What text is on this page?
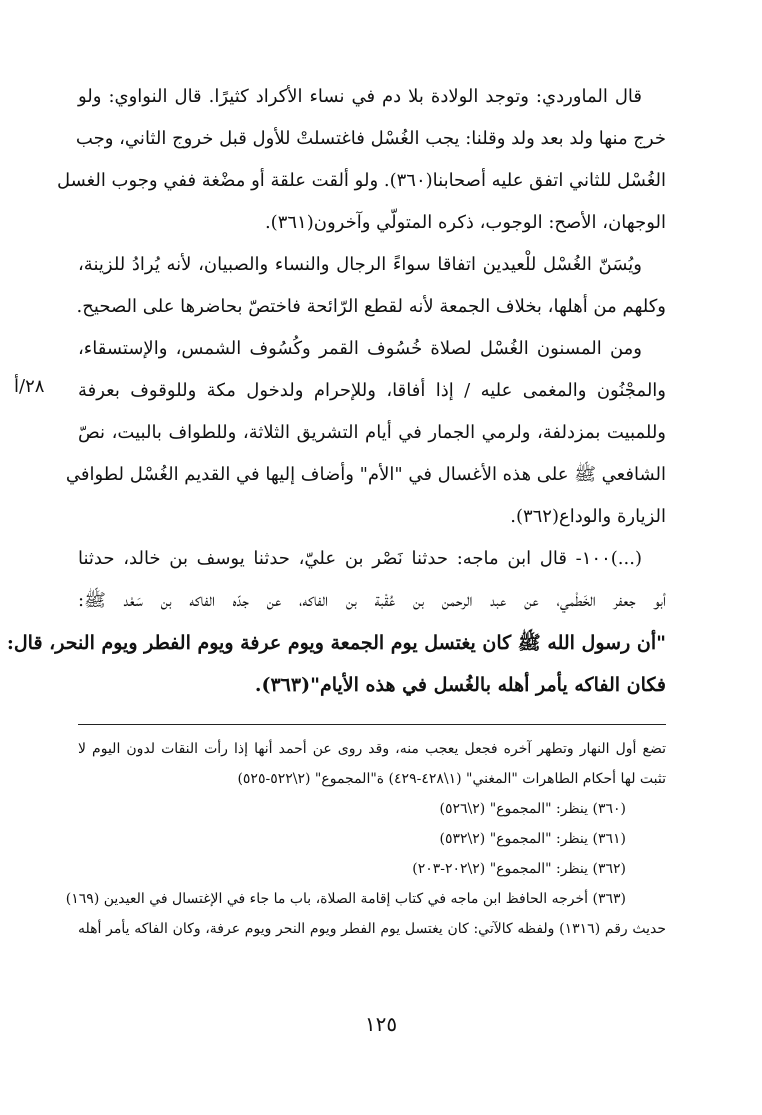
٢٨/أ
قال الماوردي: وتوجد الولادة بلا دم في نساء الأكراد كثيرًا. قال النواوي: ولو
خرج منها ولد بعد ولد وقلنا: يجب الغُسْل فاغتسلتْ للأول قبل خروج الثاني، وجب
الغُسْل للثاني اتفق عليه أصحابنا(٣٦٠). ولو ألقت علقة أو مضْغة ففي وجوب الغسل
الوجهان، الأصح: الوجوب، ذكره المتولّي وآخرون(٣٦١).
ويُسَنّ الغُسْل للْعيدين اتفاقا سواءً الرجال والنساء والصبيان، لأنه يُرادُ للزينة،
وكلهم من أهلها، بخلاف الجمعة لأنه لقطع الرّائحة فاختصّ بحاضرها على الصحيح.
ومن المسنون الغُسْل لصلاة خُسُوف القمر وكُسُوف الشمس، والإستسقاء،
والمجْنُون والمغمى عليه / إذا أفاقا، وللإحرام ولدخول مكة وللوقوف بعرفة
وللمبيت بمزدلفة، ولرمي الجمار في أيام التشريق الثلاثة، وللطواف بالبيت، نصّ
الشافعي ﷺ على هذه الأغسال في "الأم" وأضاف إليها في القديم الغُسْل لطوافي
الزيارة والوداع(٣٦٢).
(...)١٠٠- قال ابن ماجه: حدثنا نَصْر بن عليّ، حدثنا يوسف بن خالد، حدثنا
أبو جعفر الخَطْمي، عن عبد الرحمن بن عُقْبة بن الفاكه، عن جدّه الفاكه بن سَعْد ﷺ:
"أن رسول الله ﷺ كان يغتسل يوم الجمعة ويوم عرفة ويوم الفطر ويوم النحر، قال:
فكان الفاكه يأمر أهله بالغُسل في هذه الأيام"(٣٦٣).
تضع أول النهار وتطهر آخره فجعل يعجب منه، وقد روى عن أحمد أنها إذا رأت النقات لدون اليوم لا
تثبت لها أحكام الطاهرات "المغني" (١\٤٢٨-٤٢٩) ة"المجموع" (٢\٥٢٢-٥٢٥)
(٣٦٠) ينظر: "المجموع" (٢\٥٢٦)
(٣٦١) ينظر: "المجموع" (٢\٥٣٢)
(٣٦٢) ينظر: "المجموع" (٢\٢٠٢-٢٠٣)
(٣٦٣) أخرجه الحافظ ابن ماجه في كتاب إقامة الصلاة، باب ما جاء في الإغتسال في العيدين (١٦٩)
حديث رقم (١٣١٦) ولفظه كالآتي: كان يغتسل يوم الفطر ويوم النحر ويوم عرفة، وكان الفاكه يأمر أهله
١٢٥
